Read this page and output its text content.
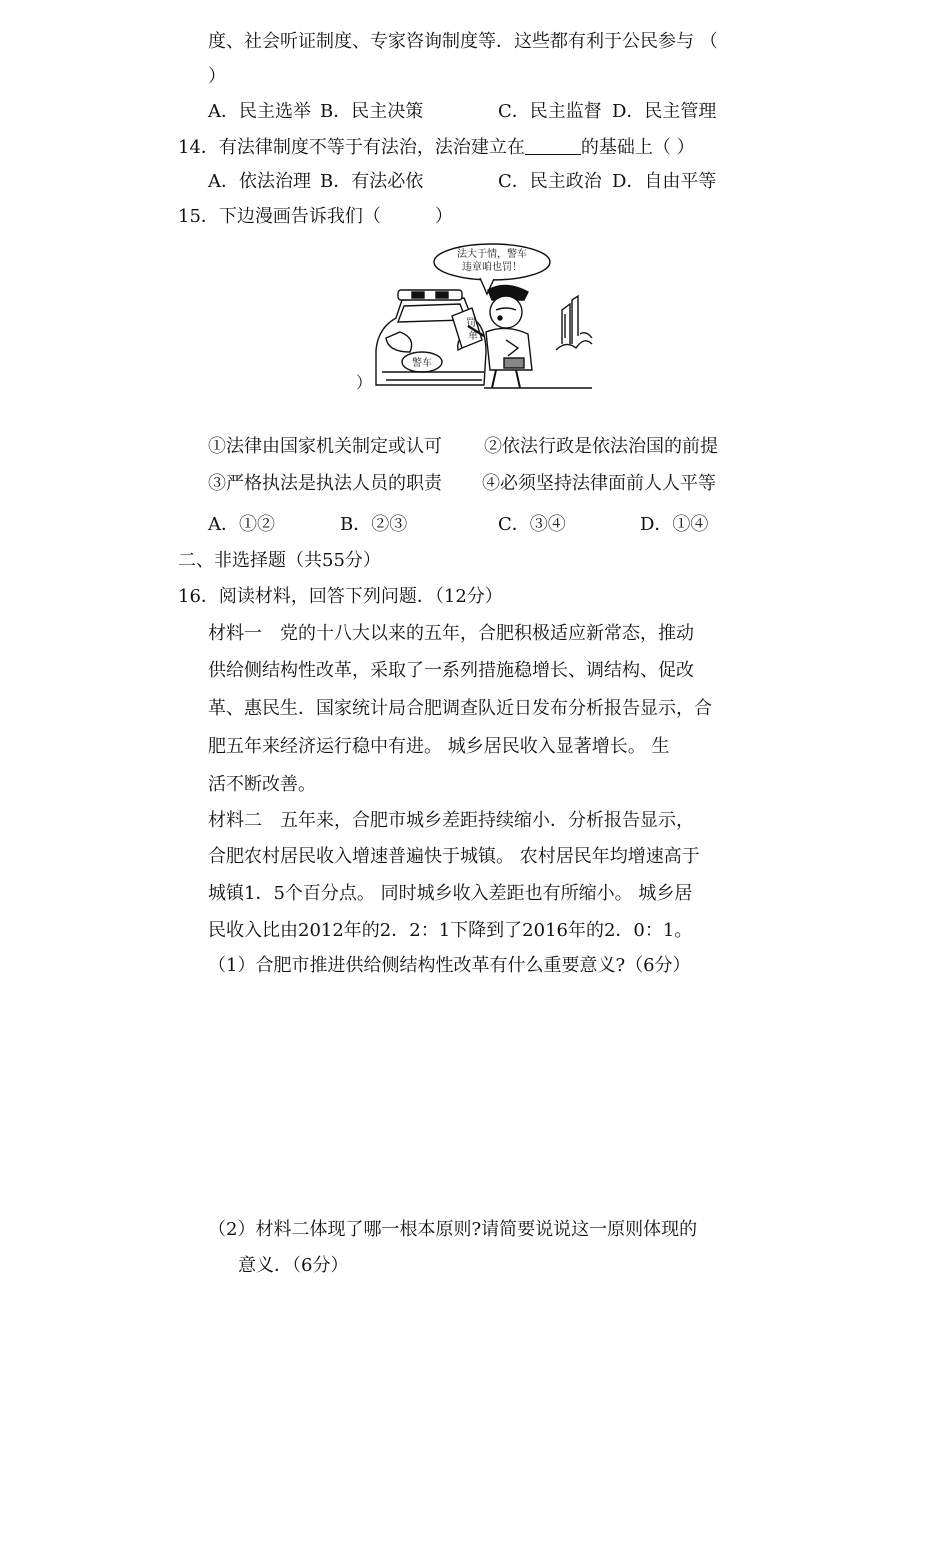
度、社会听证制度、专家咨询制度等．这些都有利于公民参与 （
）
A．民主选举 B．民主决策	C．民主监督 D．民主管理
14．有法律制度不等于有法治，法治建立在	的基础上（ ）
A．依法治理 B．有法必依	C．民主政治 D．自由平等
15．下边漫画告诉我们（　　　）
法大于情，警车
违章咱也罚！
罚
单
警车
）
①法律由国家机关制定或认可 ②依法行政是依法治国的前提
③严格执法是执法人员的职责 ④必须坚持法律面前人人平等
A．①②	B．②③	C．③④	D．①④
二、非选择题（共55分）
16．阅读材料，回答下列问题．（12分）
材料一　党的十八大以来的五年，合肥积极适应新常态，推动
供给侧结构性改革，采取了一系列措施稳增长、调结构、促改
革、惠民生．国家统计局合肥调查队近日发布分析报告显示，合
肥五年来经济运行稳中有进。 城乡居民收入显著增长。 生
活不断改善。
材料二　五年来，合肥市城乡差距持续缩小．分析报告显示，
合肥农村居民收入增速普遍快于城镇。 农村居民年均增速高于
城镇1．5个百分点。 同时城乡收入差距也有所缩小。 城乡居
民收入比由2012年的2．2：1下降到了2016年的2．0：1。
（1）合肥市推进供给侧结构性改革有什么重要意义?（6分）
（2）材料二体现了哪一根本原则?请简要说说这一原则体现的
意义．（6分）
